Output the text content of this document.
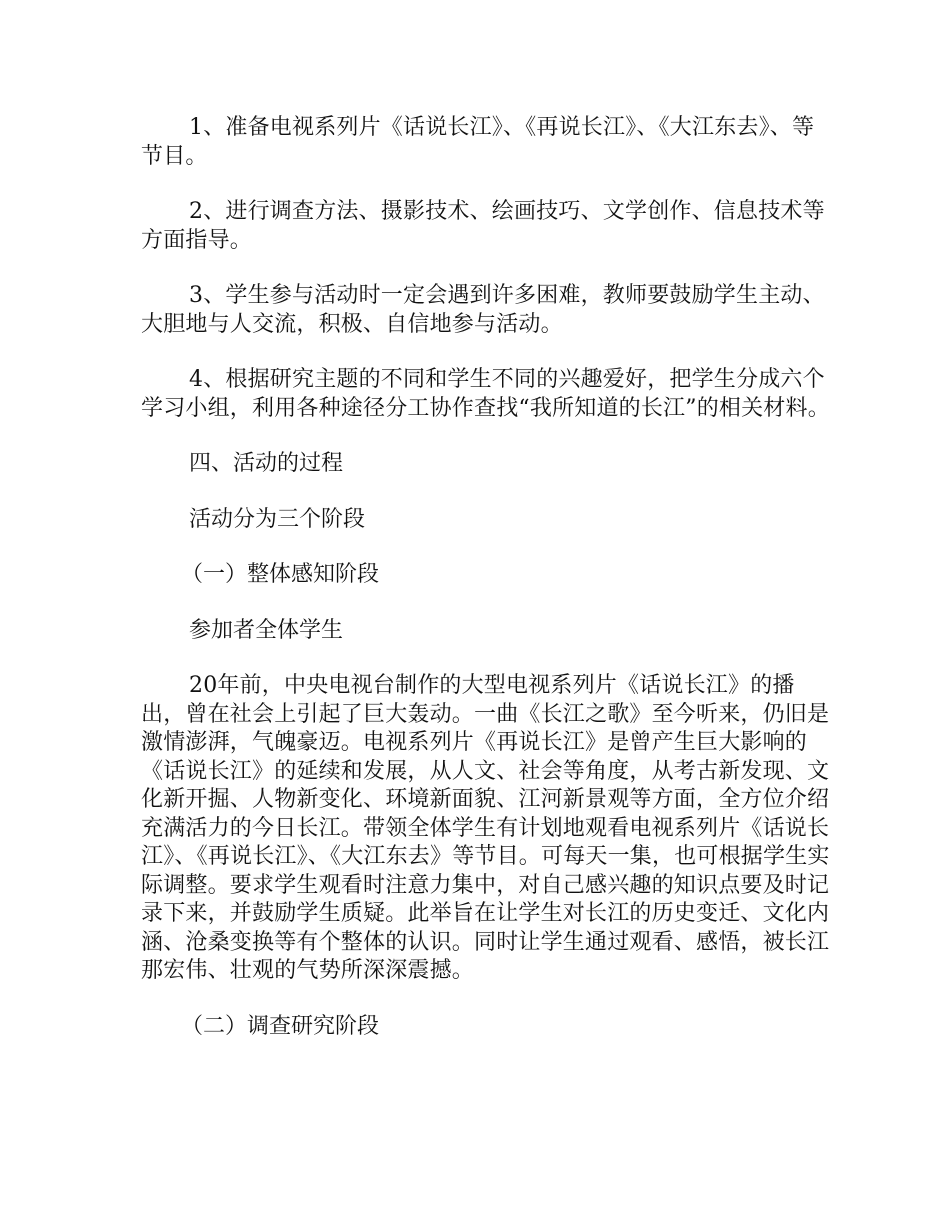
1、准备电视系列片《话说长江》、《再说长江》、《大江东去》、等节目。

2、进行调查方法、摄影技术、绘画技巧、文学创作、信息技术等方面指导。

3、学生参与活动时一定会遇到许多困难，教师要鼓励学生主动、大胆地与人交流，积极、自信地参与活动。

4、根据研究主题的不同和学生不同的兴趣爱好，把学生分成六个学习小组，利用各种途径分工协作查找“我所知道的长江”的相关材料。

四、活动的过程

活动分为三个阶段

（一）整体感知阶段

参加者全体学生

20年前，中央电视台制作的大型电视系列片《话说长江》的播出，曾在社会上引起了巨大轰动。一曲《长江之歌》至今听来，仍旧是激情澎湃，气魄豪迈。电视系列片《再说长江》是曾产生巨大影响的《话说长江》的延续和发展，从人文、社会等角度，从考古新发现、文化新开掘、人物新变化、环境新面貌、江河新景观等方面，全方位介绍充满活力的今日长江。带领全体学生有计划地观看电视系列片《话说长江》、《再说长江》、《大江东去》等节目。可每天一集，也可根据学生实际调整。要求学生观看时注意力集中，对自己感兴趣的知识点要及时记录下来，并鼓励学生质疑。此举旨在让学生对长江的历史变迁、文化内涵、沧桑变换等有个整体的认识。同时让学生通过观看、感悟，被长江那宏伟、壮观的气势所深深震撼。

（二）调查研究阶段
